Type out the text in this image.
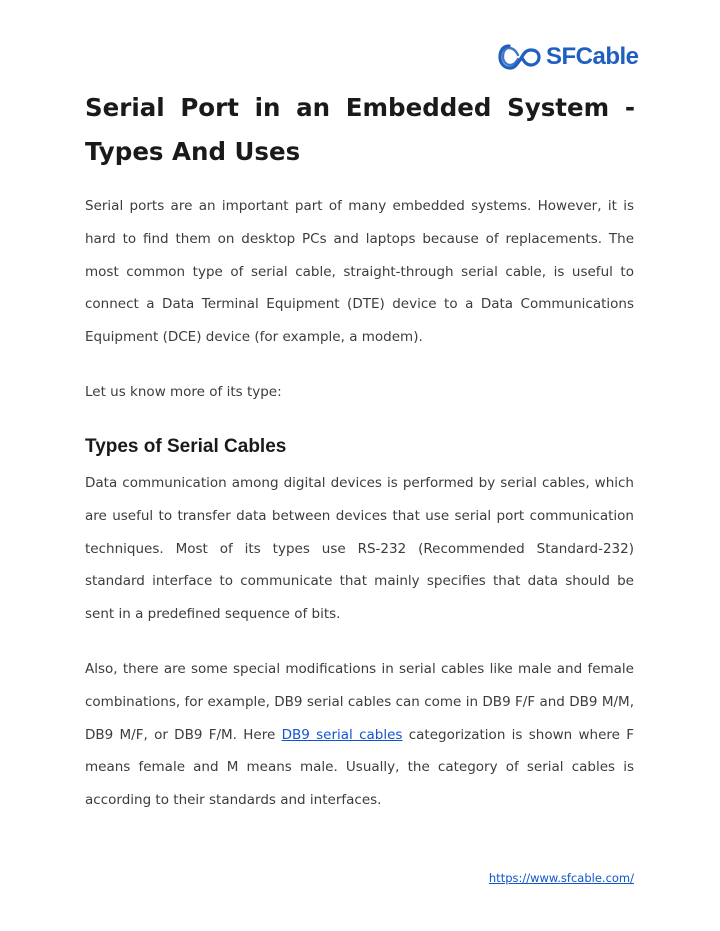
SFCable
Serial Port in an Embedded System - Types And Uses

Serial ports are an important part of many embedded systems. However, it is hard to find them on desktop PCs and laptops because of replacements. The most common type of serial cable, straight-through serial cable, is useful to connect a Data Terminal Equipment (DTE) device to a Data Communications Equipment (DCE) device (for example, a modem).

Let us know more of its type:

Types of Serial Cables

Data communication among digital devices is performed by serial cables, which are useful to transfer data between devices that use serial port communication techniques. Most of its types use RS-232 (Recommended Standard-232) standard interface to communicate that mainly specifies that data should be sent in a predefined sequence of bits.

Also, there are some special modifications in serial cables like male and female combinations, for example, DB9 serial cables can come in DB9 F/F and DB9 M/M, DB9 M/F, or DB9 F/M. Here DB9 serial cables categorization is shown where F means female and M means male. Usually, the category of serial cables is according to their standards and interfaces.

https://www.sfcable.com/
